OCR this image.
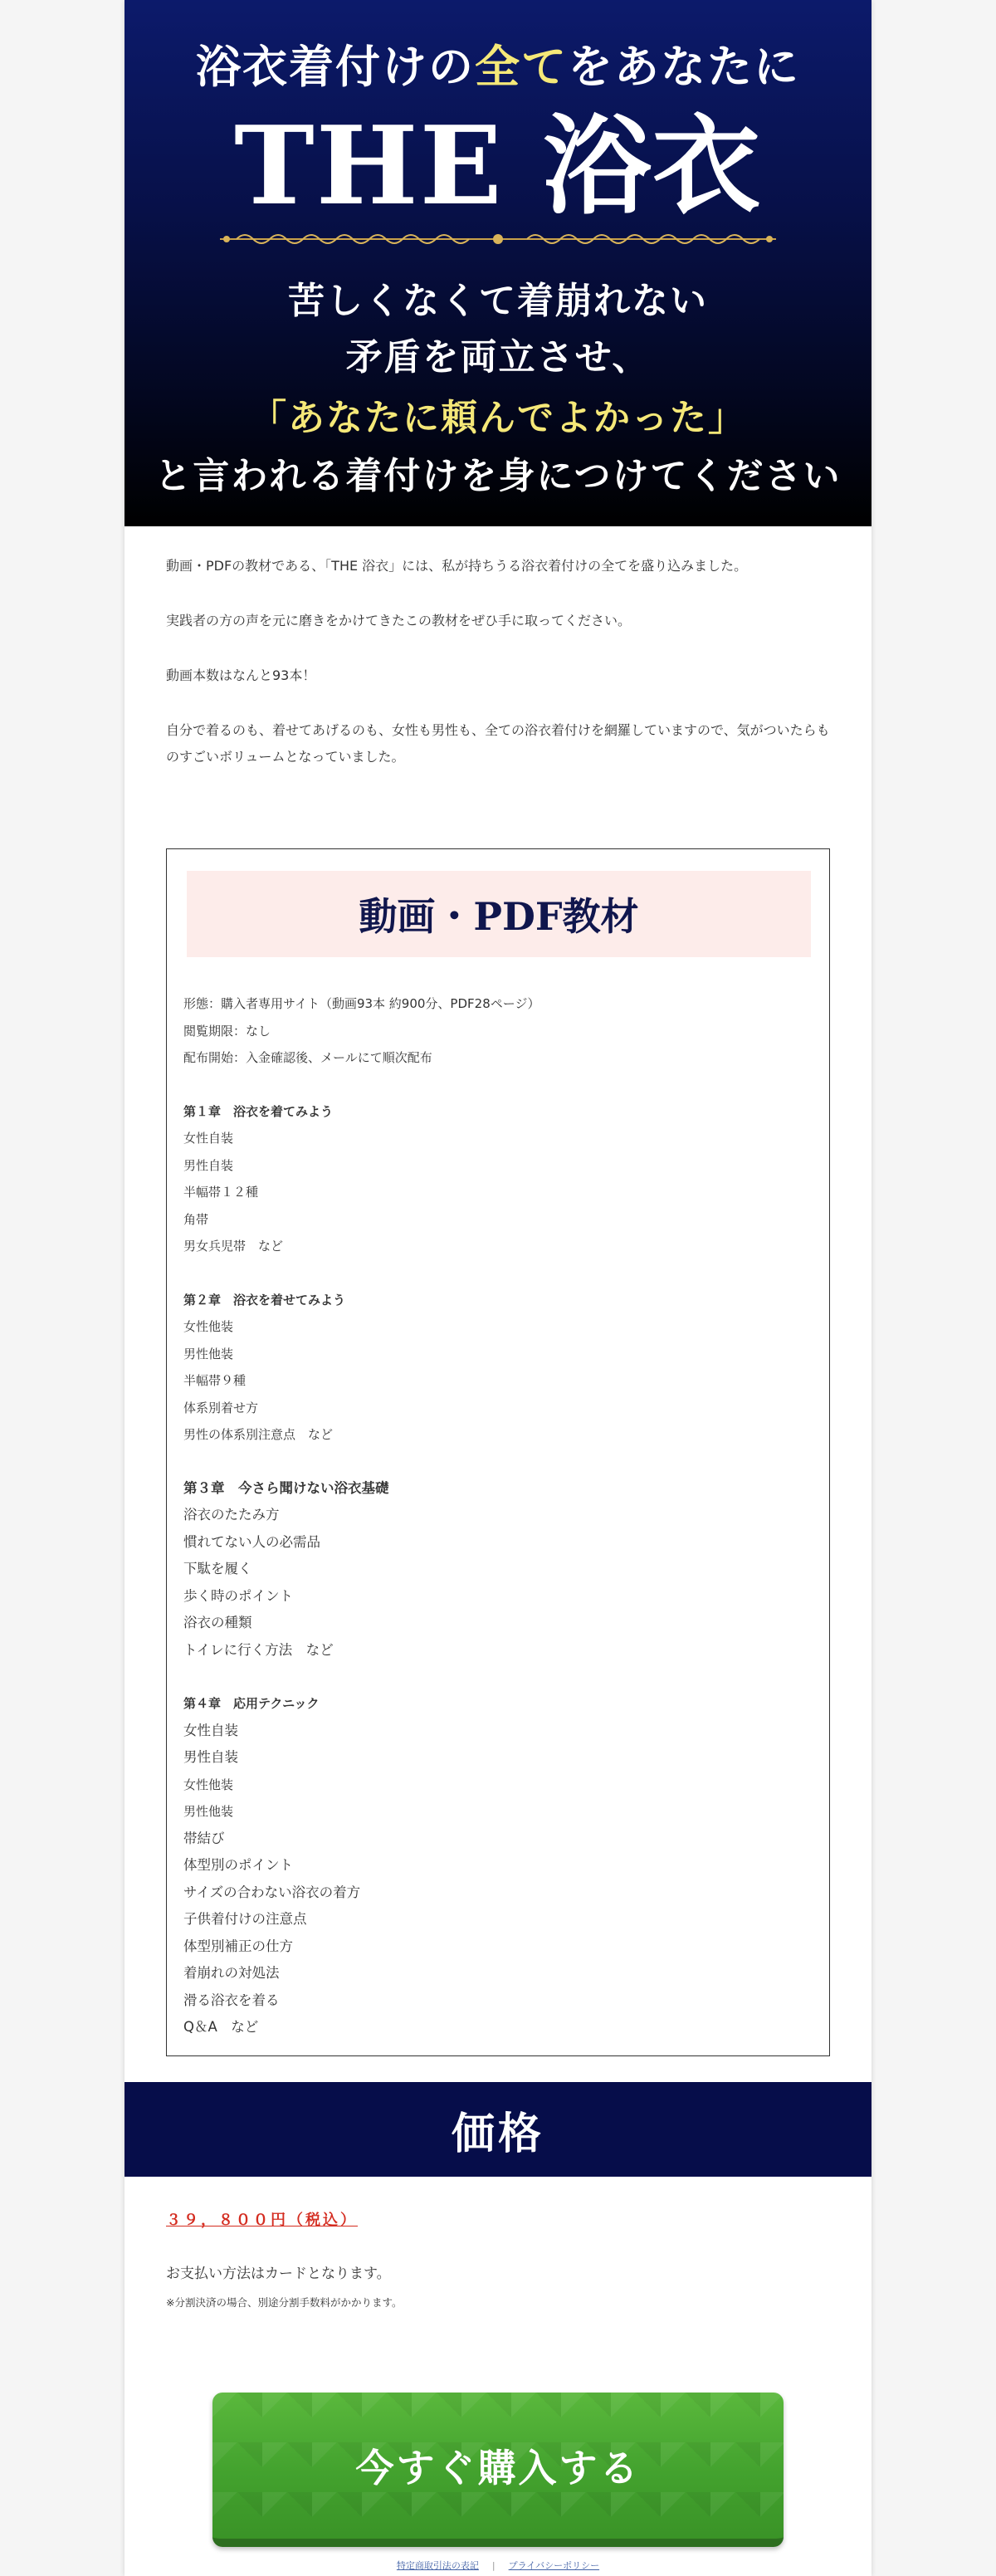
浴衣着付けの全てをあなたに
THE 浴衣
苦しくなくて着崩れない
矛盾を両立させ、
「あなたに頼んでよかった」
と言われる着付けを身につけてください

動画・PDFの教材である、「THE 浴衣」には、私が持ちうる浴衣着付けの全てを盛り込みました。

実践者の方の声を元に磨きをかけてきたこの教材をぜひ手に取ってください。

動画本数はなんと93本！

自分で着るのも、着せてあげるのも、女性も男性も、全ての浴衣着付けを網羅していますので、気がついたらものすごいボリュームとなっていました。

動画・PDF教材
形態：購入者専用サイト（動画93本 約900分、PDF28ページ）
閲覧期限：なし
配布開始：入金確認後、メールにて順次配布
第１章　浴衣を着てみよう
女性自装
男性自装
半幅帯１２種
角帯
男女兵児帯　など
第２章　浴衣を着せてみよう
女性他装
男性他装
半幅帯９種
体系別着せ方
男性の体系別注意点　など
第３章　今さら聞けない浴衣基礎
浴衣のたたみ方
慣れてない人の必需品
下駄を履く
歩く時のポイント
浴衣の種類
トイレに行く方法　など
第４章　応用テクニック
女性自装
男性自装
女性他装
男性他装
帯結び
体型別のポイント
サイズの合わない浴衣の着方
子供着付けの注意点
体型別補正の仕方
着崩れの対処法
滑る浴衣を着る
Q＆A　など
価格
３９，８００円（税込）
お支払い方法はカードとなります。
※分割決済の場合、別途分割手数料がかかります。
今すぐ購入する
特定商取引法の表記 | プライバシーポリシー
